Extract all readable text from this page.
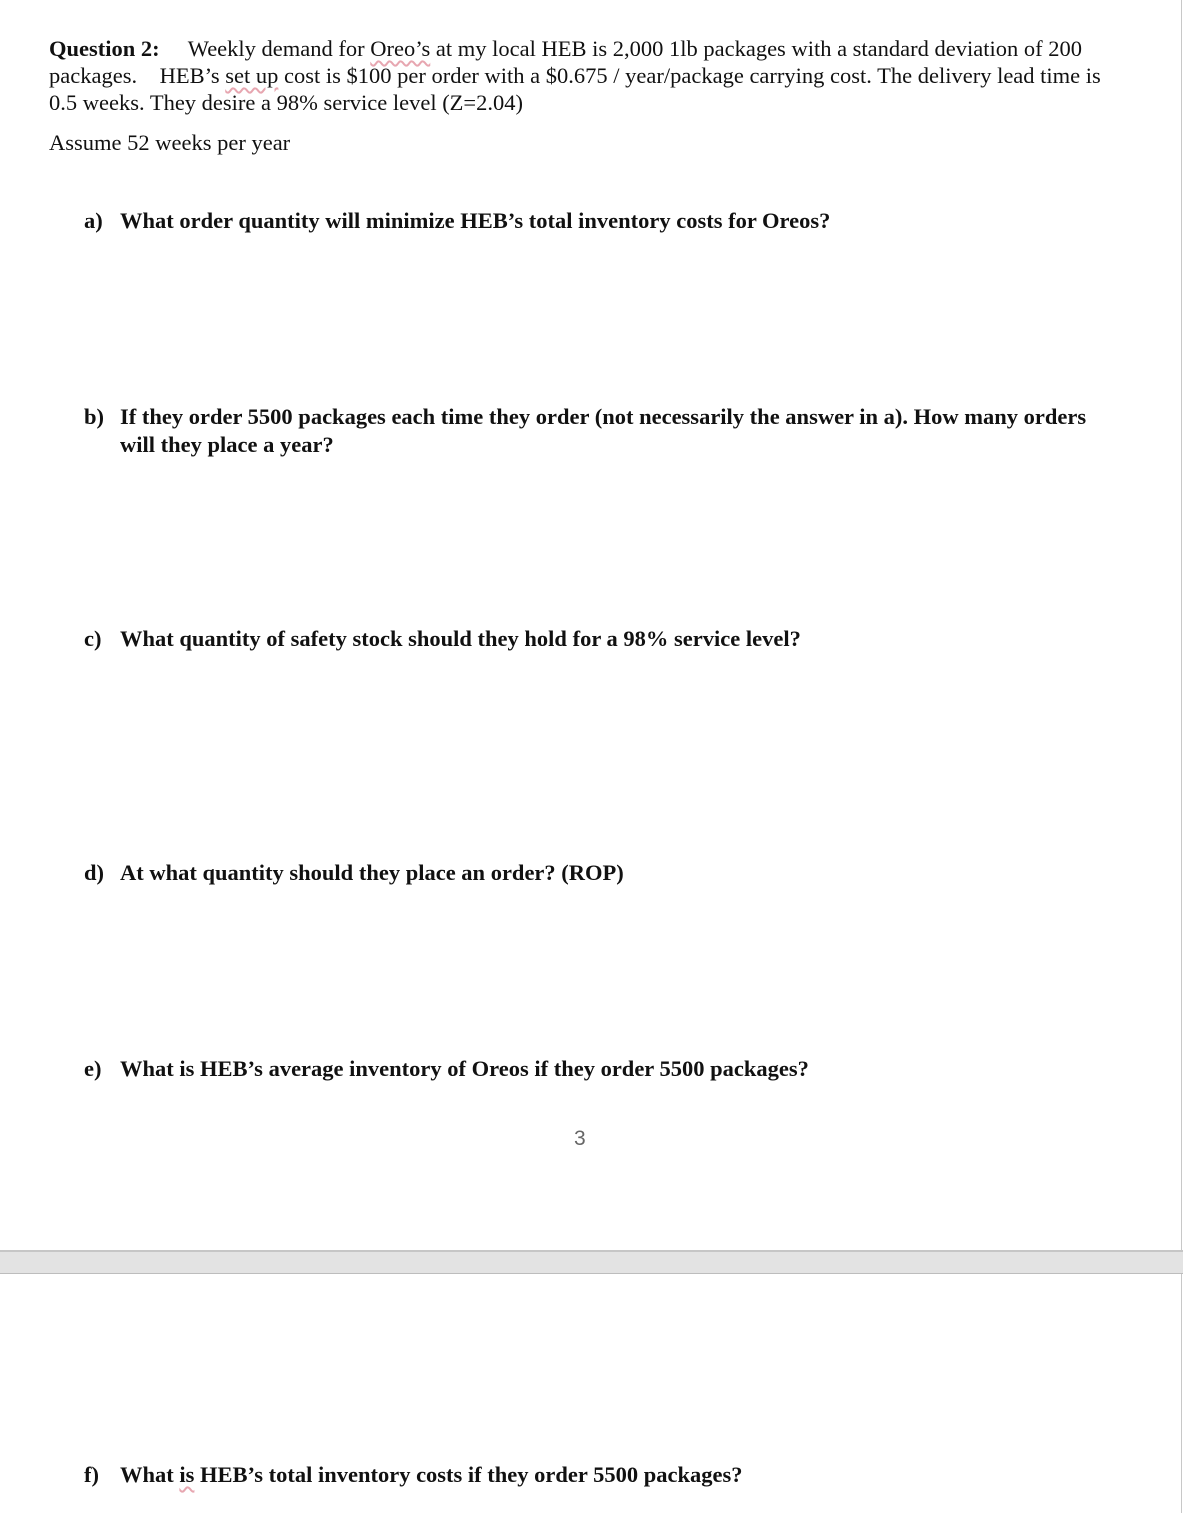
Question 2: Weekly demand for Oreo’s at my local HEB is 2,000 1lb packages with a standard deviation of 200 packages.    HEB’s set up cost is $100 per order with a $0.675 / year/package carrying cost. The delivery lead time is 0.5 weeks. They desire a 98% service level (Z=2.04)
Assume 52 weeks per year
a) What order quantity will minimize HEB’s total inventory costs for Oreos?
b) If they order 5500 packages each time they order (not necessarily the answer in a). How many orders will they place a year?
c) What quantity of safety stock should they hold for a 98% service level?
d) At what quantity should they place an order? (ROP)
e) What is HEB’s average inventory of Oreos if they order 5500 packages?
3
f) What is HEB’s total inventory costs if they order 5500 packages?
